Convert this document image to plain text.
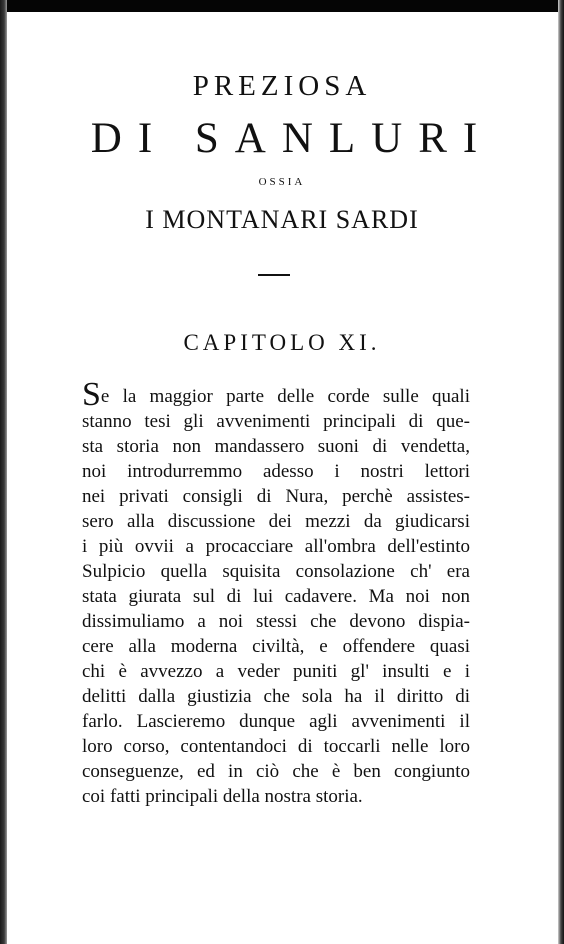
PREZIOSA
DI SANLURI
OSSIA
I MONTANARI SARDI
CAPITOLO XI.
Se la maggior parte delle corde sulle quali
stanno tesi gli avvenimenti principali di que-
sta storia non mandassero suoni di vendetta,
noi introdurremmo adesso i nostri lettori
nei privati consigli di Nura, perchè assistes-
sero alla discussione dei mezzi da giudicarsi
i più ovvii a procacciare all'ombra dell'estinto
Sulpicio quella squisita consolazione ch' era
stata giurata sul di lui cadavere. Ma noi non
dissimuliamo a noi stessi che devono dispia-
cere alla moderna civiltà, e offendere quasi
chi è avvezzo a veder puniti gl' insulti e i
delitti dalla giustizia che sola ha il diritto di
farlo. Lascieremo dunque agli avvenimenti il
loro corso, contentandoci di toccarli nelle loro
conseguenze, ed in ciò che è ben congiunto
coi fatti principali della nostra storia.
